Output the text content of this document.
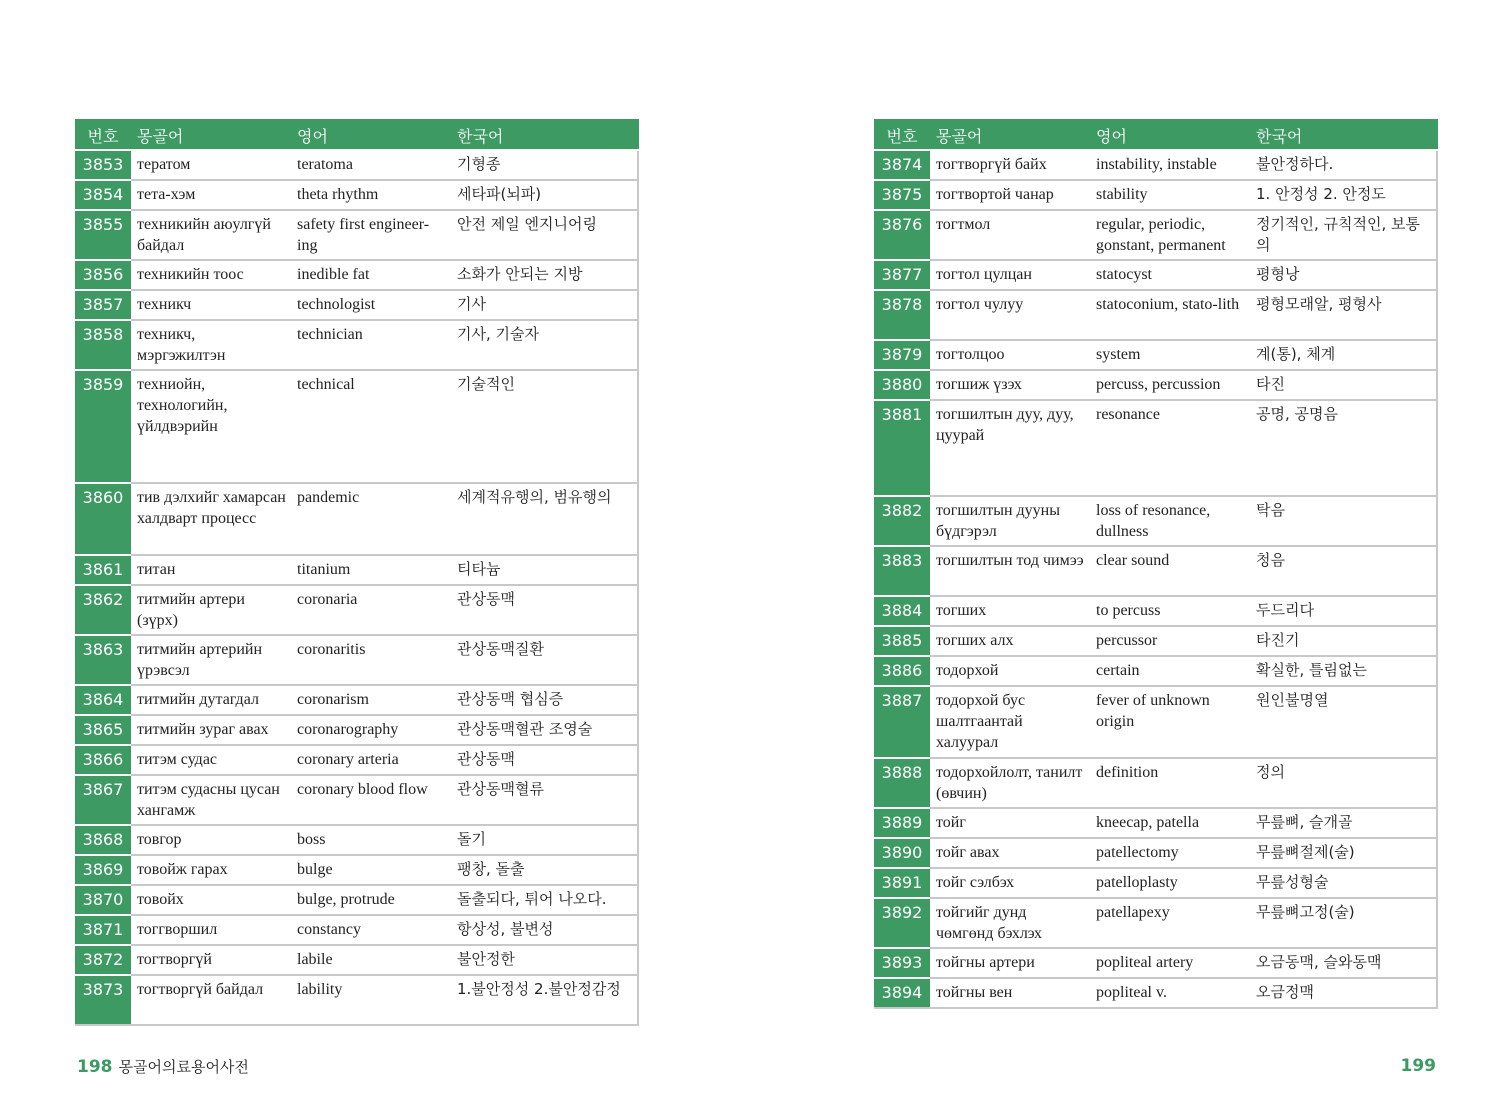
번호	몽골어	영어	한국어
3853	тератом	teratoma	기형종
3854	тета-хэм	theta rhythm	세타파(뇌파)
3855	техникийн аюулгүй байдал	safety first engineer-ing	안전 제일 엔지니어링
3856	техникийн тоос	inedible fat	소화가 안되는 지방
3857	техникч	technologist	기사
3858	техникч, мэргэжилтэн	technician	기사, 기술자
3859	техниойн, технологийн, үйлдвэрийн	technical	기술적인
3860	тив дэлхийг хамарсан халдварт процесс	pandemic	세계적유행의, 범유행의
3861	титан	titanium	티타늄
3862	титмийн артери (зүрх)	coronaria	관상동맥
3863	титмийн артерийн үрэвсэл	coronaritis	관상동맥질환
3864	титмийн дутагдал	coronarism	관상동맥 협심증
3865	титмийн зураг авах	coronarography	관상동맥혈관 조영술
3866	титэм судас	coronary arteria	관상동맥
3867	титэм судасны цусан хангамж	coronary blood flow	관상동맥혈류
3868	товгор	boss	돌기
3869	товойж гарах	bulge	팽창, 돌출
3870	товойх	bulge, protrude	돌출되다, 튀어 나오다.
3871	тоггворшил	constancy	항상성, 불변성
3872	тогтворгүй	labile	불안정한
3873	тогтворгүй байдал	lability	1.불안정성 2.불안정감정
번호	몽골어	영어	한국어
3874	тогтворгүй байх	instability, instable	불안정하다.
3875	тогтвортой чанар	stability	1. 안정성 2. 안정도
3876	тогтмол	regular, periodic, gonstant, permanent	정기적인, 규칙적인, 보통의
3877	тогтол цулцан	statocyst	평형낭
3878	тогтол чулуу	statoconium, stato-lith	평형모래알, 평형사
3879	тогтолцоо	system	계(통), 체계
3880	тогшиж үзэх	percuss, percussion	타진
3881	тогшилтын дуу, дуу, цуурай	resonance	공명, 공명음
3882	тогшилтын дууны бүдгэрэл	loss of resonance, dullness	탁음
3883	тогшилтын тод чимээ	clear sound	청음
3884	тогших	to percuss	두드리다
3885	тогших алх	percussor	타진기
3886	тодорхой	certain	확실한, 틀림없는
3887	тодорхой бус шалтгаантай халуурал	fever of unknown origin	원인불명열
3888	тодорхойлолт, танилт (өвчин)	definition	정의
3889	тойг	kneecap, patella	무릎뼈, 슬개골
3890	тойг авах	patellectomy	무릎뼈절제(술)
3891	тойг сэлбэх	patelloplasty	무릎성형술
3892	тойгийг дунд чөмгөнд бэхлэх	patellapexy	무릎뼈고정(술)
3893	тойгны артери	popliteal artery	오금동맥, 슬와동맥
3894	тойгны вен	popliteal v.	오금정맥
198 몽골어의료용어사전	199
